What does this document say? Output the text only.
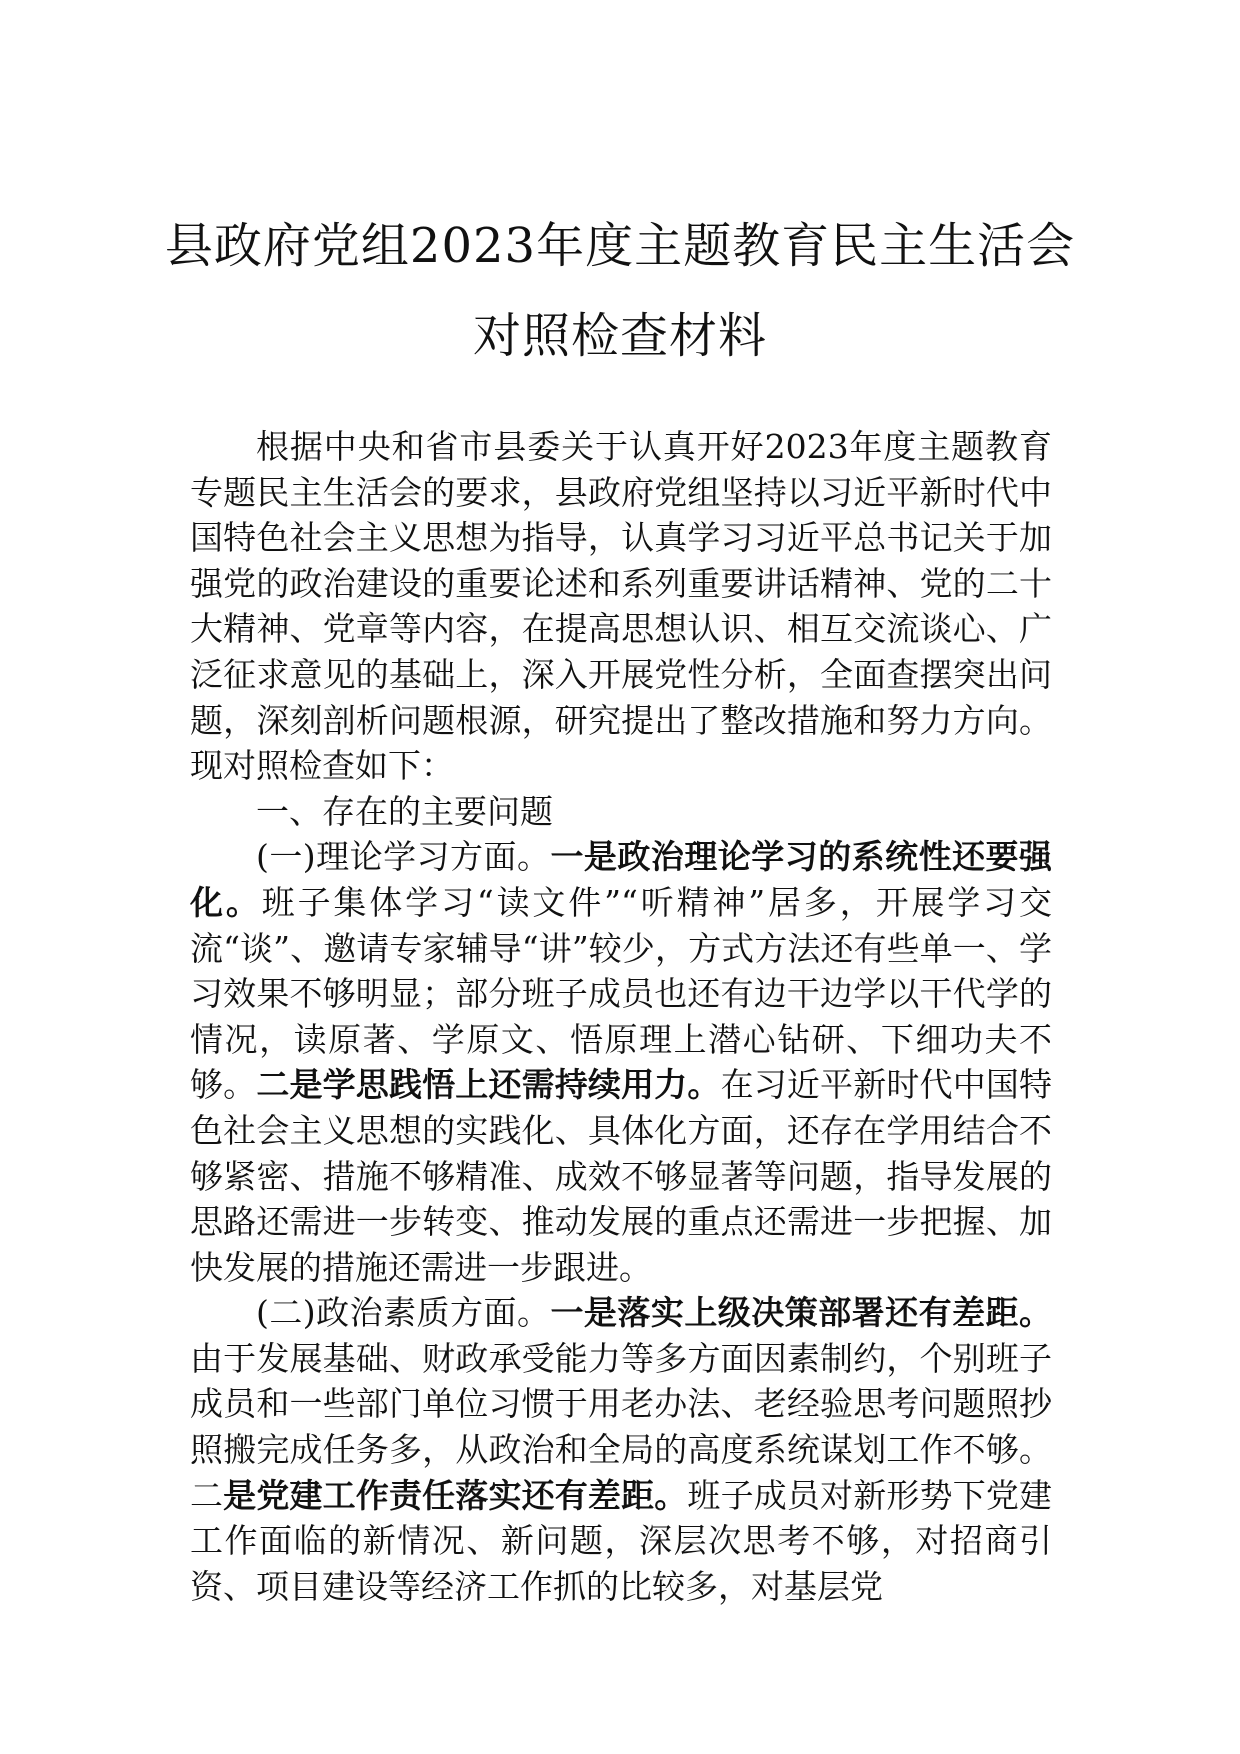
县政府党组2023年度主题教育民主生活会
对照检查材料

根据中央和省市县委关于认真开好2023年度主题教育专题民主生活会的要求，县政府党组坚持以习近平新时代中国特色社会主义思想为指导，认真学习习近平总书记关于加强党的政治建设的重要论述和系列重要讲话精神、党的二十大精神、党章等内容，在提高思想认识、相互交流谈心、广泛征求意见的基础上，深入开展党性分析，全面查摆突出问题，深刻剖析问题根源，研究提出了整改措施和努力方向。现对照检查如下：

一、存在的主要问题

(一)理论学习方面。一是政治理论学习的系统性还要强化。班子集体学习“读文件”“听精神”居多，开展学习交流“谈”、邀请专家辅导“讲”较少，方式方法还有些单一、学习效果不够明显；部分班子成员也还有边干边学以干代学的情况，读原著、学原文、悟原理上潜心钻研、下细功夫不够。二是学思践悟上还需持续用力。在习近平新时代中国特色社会主义思想的实践化、具体化方面，还存在学用结合不够紧密、措施不够精准、成效不够显著等问题，指导发展的思路还需进一步转变、推动发展的重点还需进一步把握、加快发展的措施还需进一步跟进。

(二)政治素质方面。一是落实上级决策部署还有差距。由于发展基础、财政承受能力等多方面因素制约，个别班子成员和一些部门单位习惯于用老办法、老经验思考问题照抄照搬完成任务多，从政治和全局的高度系统谋划工作不够。二是党建工作责任落实还有差距。班子成员对新形势下党建工作面临的新情况、新问题，深层次思考不够，对招商引资、项目建设等经济工作抓的比较多，对基层党
